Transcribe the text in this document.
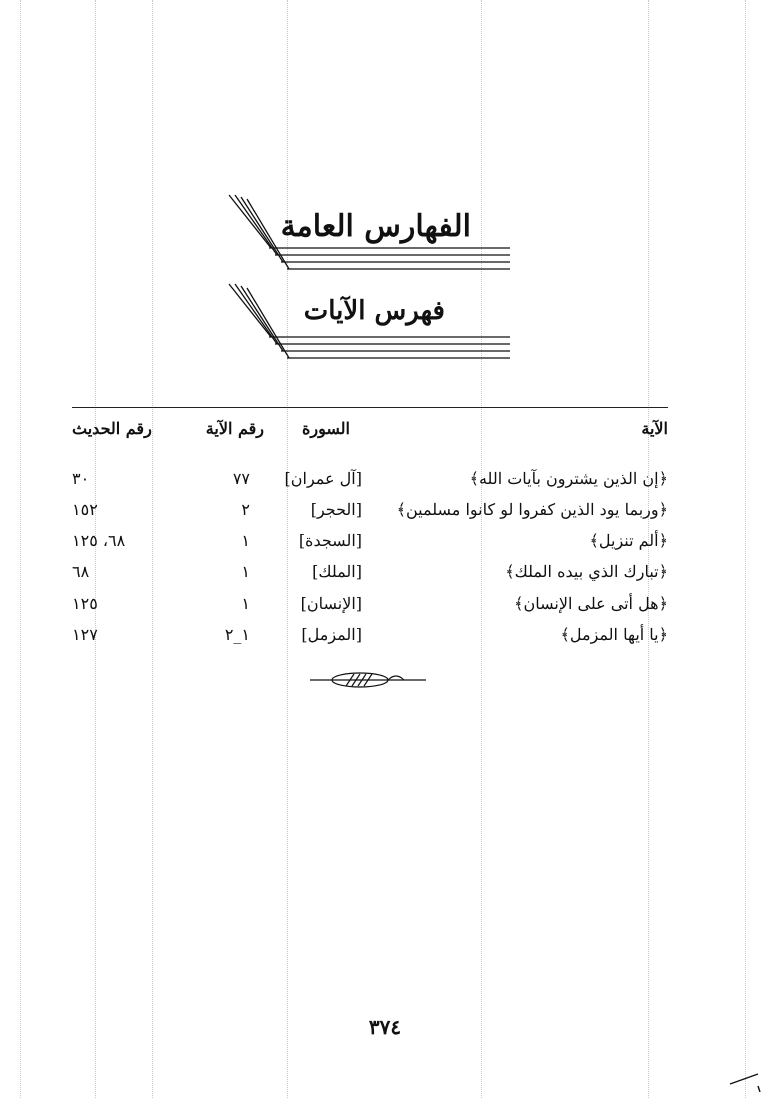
الفهارس العامة
فهرس الآيات
الآية
السورة
رقم الآية
رقم الحديث
﴿إن الذين يشترون بآيات الله﴾
[آل عمران]
٧٧
٣٠
﴿وربما يود الذين كفروا لو كانوا مسلمين﴾
[الحجر]
٢
١٥٢
﴿ألم تنزيل﴾
[السجدة]
١
٦٨، ١٢٥
﴿تبارك الذي بيده الملك﴾
[الملك]
١
٦٨
﴿هل أتى على الإنسان﴾
[الإنسان]
١
١٢٥
﴿يا أيها المزمل﴾
[المزمل]
١_٢
١٢٧
٣٧٤
